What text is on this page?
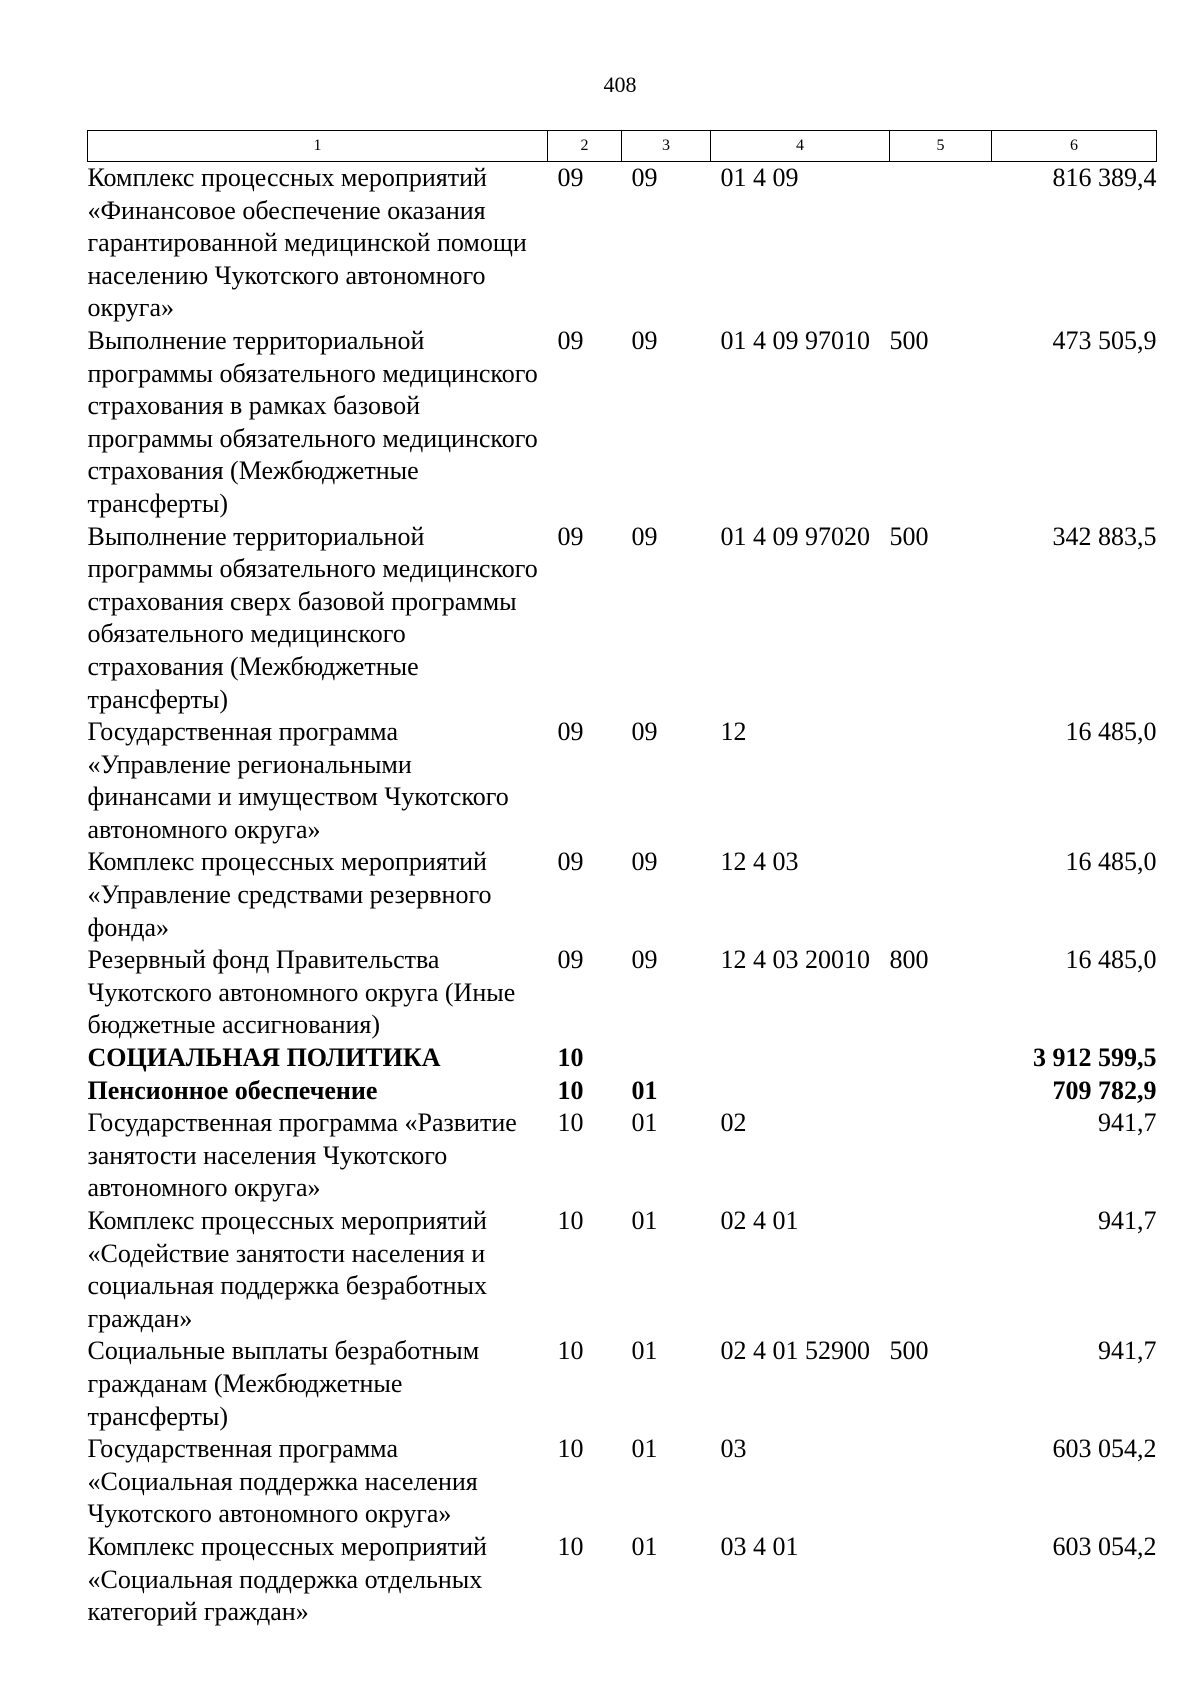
408
1	2	3	4	5	6
Комплекс процессных мероприятий «Финансовое обеспечение оказания гарантированной медицинской помощи населению Чукотского автономного округа»	09	09	01 4 09		816 389,4
Выполнение территориальной программы обязательного медицинского страхования в рамках базовой программы обязательного медицинского страхования (Межбюджетные трансферты)	09	09	01 4 09 97010	500	473 505,9
Выполнение территориальной программы обязательного медицинского страхования сверх базовой программы обязательного медицинского страхования (Межбюджетные трансферты)	09	09	01 4 09 97020	500	342 883,5
Государственная программа «Управление региональными финансами и имуществом Чукотского автономного округа»	09	09	12		16 485,0
Комплекс процессных мероприятий «Управление средствами резервного фонда»	09	09	12 4 03		16 485,0
Резервный фонд Правительства Чукотского автономного округа (Иные бюджетные ассигнования)	09	09	12 4 03 20010	800	16 485,0
СОЦИАЛЬНАЯ ПОЛИТИКА	10				3 912 599,5
Пенсионное обеспечение	10	01			709 782,9
Государственная программа «Развитие занятости населения Чукотского автономного округа»	10	01	02		941,7
Комплекс процессных мероприятий «Содействие занятости населения и социальная поддержка безработных граждан»	10	01	02 4 01		941,7
Социальные выплаты безработным гражданам (Межбюджетные трансферты)	10	01	02 4 01 52900	500	941,7
Государственная программа «Социальная поддержка населения Чукотского автономного округа»	10	01	03		603 054,2
Комплекс процессных мероприятий «Социальная поддержка отдельных категорий граждан»	10	01	03 4 01		603 054,2
